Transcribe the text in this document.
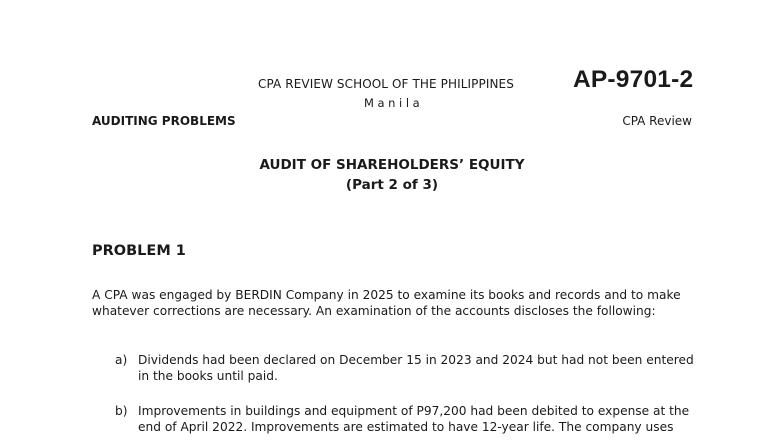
CPA REVIEW SCHOOL OF THE PHILIPPINES
Manila
AP-9701-2
AUDITING PROBLEMS	CPA Review
AUDIT OF SHAREHOLDERS’ EQUITY
(Part 2 of 3)
PROBLEM 1
A CPA was engaged by BERDIN Company in 2025 to examine its books and records and to make
whatever corrections are necessary. An examination of the accounts discloses the following:
a) Dividends had been declared on December 15 in 2023 and 2024 but had not been entered
in the books until paid.
b) Improvements in buildings and equipment of P97,200 had been debited to expense at the
end of April 2022. Improvements are estimated to have 12-year life. The company uses
